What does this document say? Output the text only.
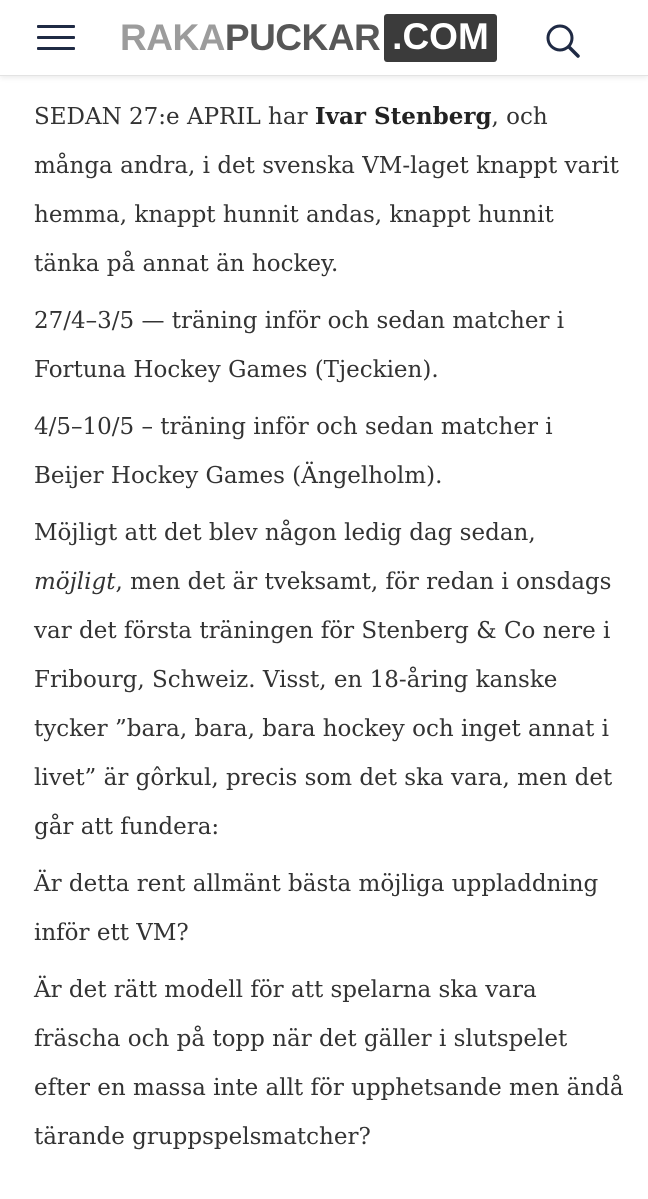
RAKAPUCKAR .COM

SEDAN 27:e APRIL har Ivar Stenberg, och många andra, i det svenska VM-laget knappt varit hemma, knappt hunnit andas, knappt hunnit tänka på annat än hockey.

27/4–3/5 — träning inför och sedan matcher i Fortuna Hockey Games (Tjeckien).

4/5–10/5 – träning inför och sedan matcher i Beijer Hockey Games (Ängelholm).

Möjligt att det blev någon ledig dag sedan, möjligt, men det är tveksamt, för redan i onsdags var det första träningen för Stenberg & Co nere i Fribourg, Schweiz. Visst, en 18-åring kanske tycker ”bara, bara, bara hockey och inget annat i livet” är gôrkul, precis som det ska vara, men det går att fundera:

Är detta rent allmänt bästa möjliga uppladdning inför ett VM?

Är det rätt modell för att spelarna ska vara fräscha och på topp när det gäller i slutspelet efter en massa inte allt för upphetsande men ändå tärande gruppspelsmatcher?
